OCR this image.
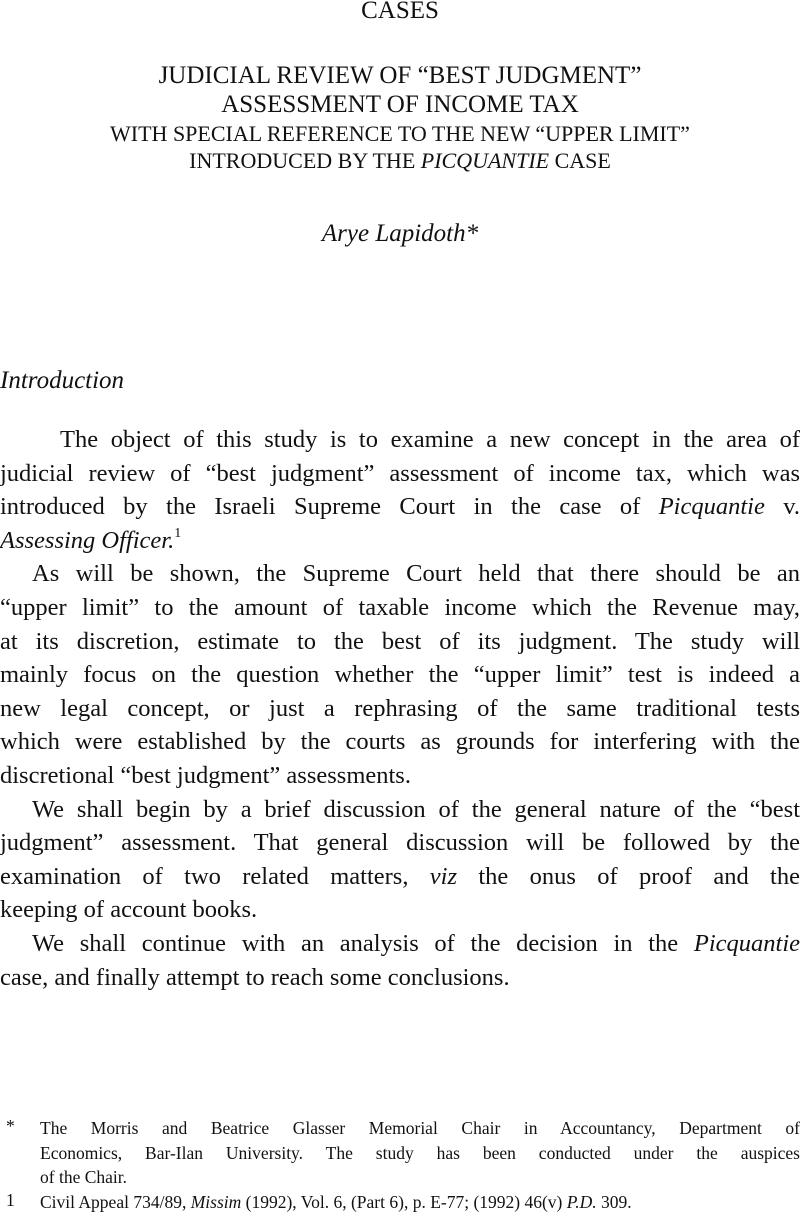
CASES
JUDICIAL REVIEW OF “BEST JUDGMENT”
ASSESSMENT OF INCOME TAX
WITH SPECIAL REFERENCE TO THE NEW “UPPER LIMIT”
INTRODUCED BY THE PICQUANTIE CASE
Arye Lapidoth*
Introduction
The object of this study is to examine a new concept in the area of
judicial review of “best judgment” assessment of income tax, which was
introduced by the Israeli Supreme Court in the case of Picquantie v.
Assessing Officer.$^1$
As will be shown, the Supreme Court held that there should be an
“upper limit” to the amount of taxable income which the Revenue may,
at its discretion, estimate to the best of its judgment. The study will
mainly focus on the question whether the “upper limit” test is indeed a
new legal concept, or just a rephrasing of the same traditional tests
which were established by the courts as grounds for interfering with the
discretional “best judgment” assessments.
We shall begin by a brief discussion of the general nature of the “best
judgment” assessment. That general discussion will be followed by the
examination of two related matters, viz the onus of proof and the
keeping of account books.
We shall continue with an analysis of the decision in the Picquantie
case, and finally attempt to reach some conclusions.
* The Morris and Beatrice Glasser Memorial Chair in Accountancy, Department of
Economics, Bar-Ilan University. The study has been conducted under the auspices
of the Chair.
1 Civil Appeal 734/89, Missim (1992), Vol. 6, (Part 6), p. E-77; (1992) 46(v) P.D. 309.
